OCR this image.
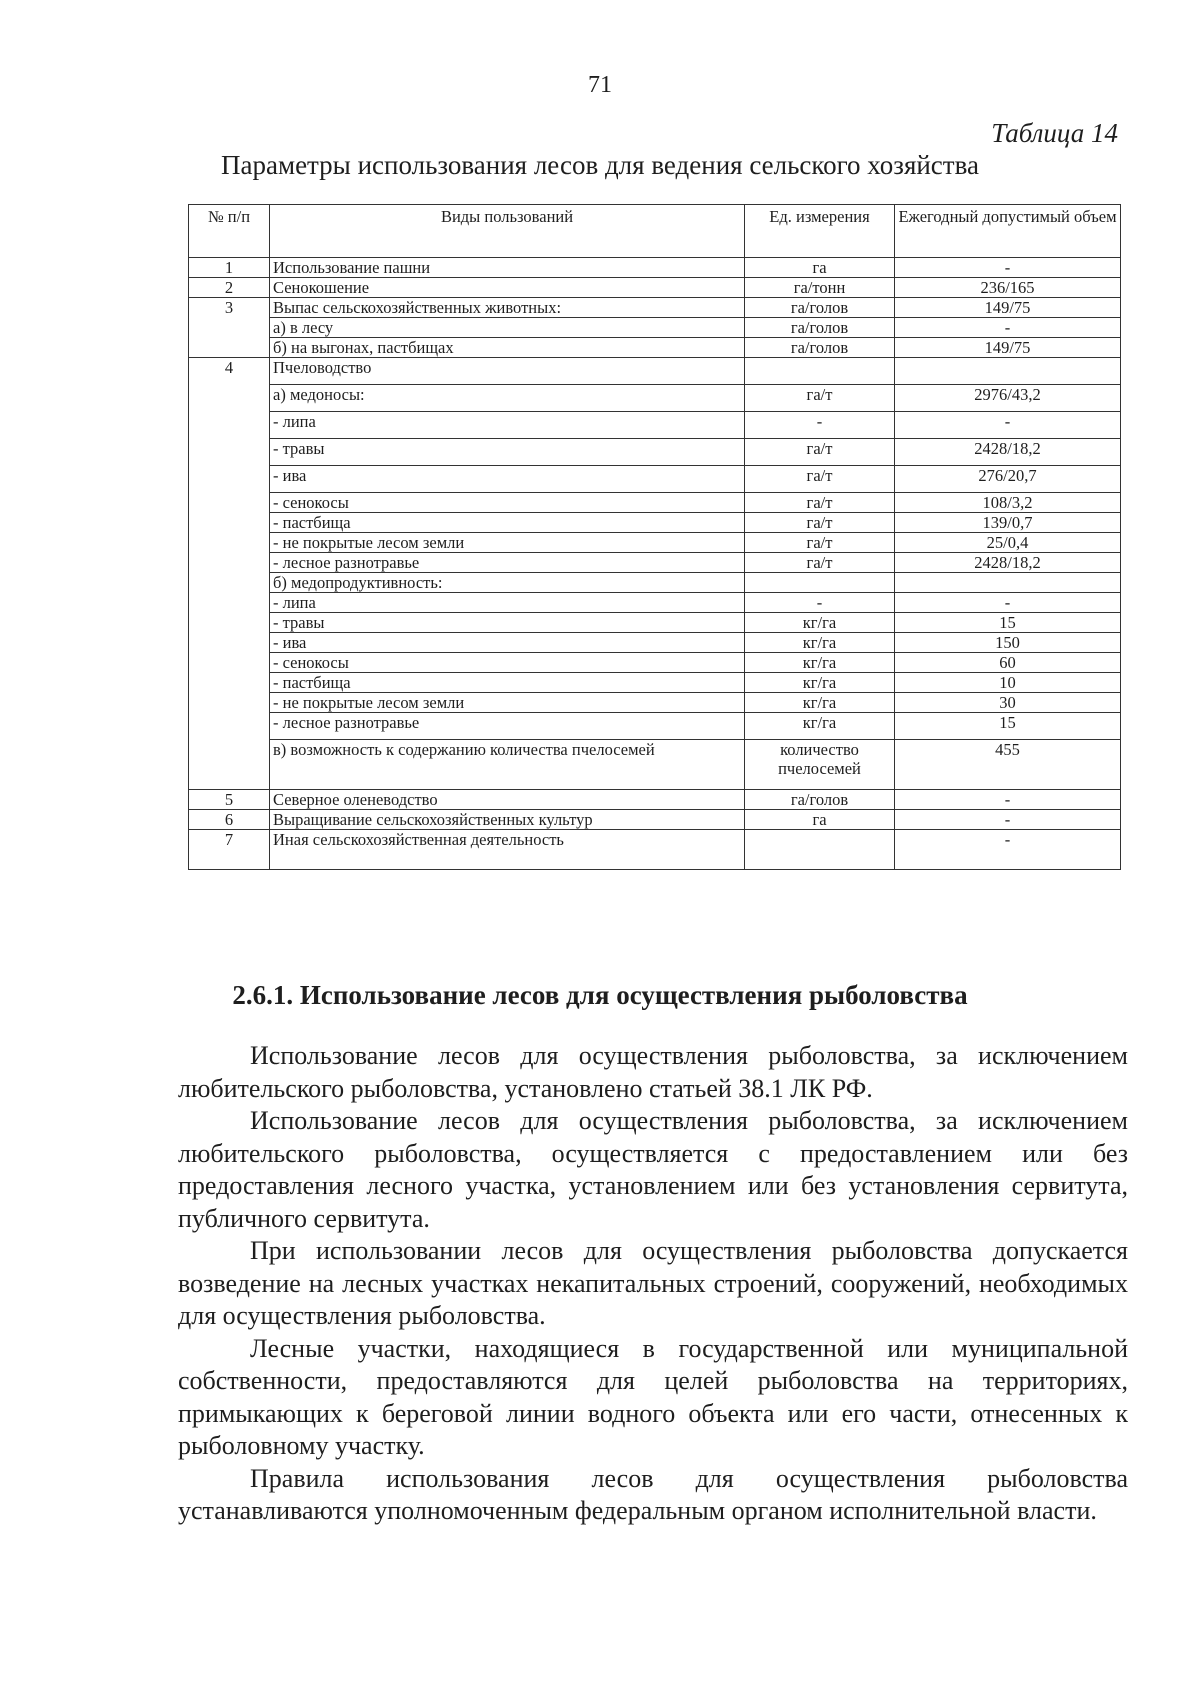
71
Таблица 14
Параметры использования лесов для ведения сельского хозяйства
№ п/п	Виды пользований	Ед. измерения	Ежегодный допустимый объем
1	Использование пашни	га	-
2	Сенокошение	га/тонн	236/165
3	Выпас сельскохозяйственных животных:	га/голов	149/75
	а) в лесу	га/голов	-
	б) на выгонах, пастбищах	га/голов	149/75
4	Пчеловодство		
	а) медоносы:	га/т	2976/43,2
	- липа	-	-
	- травы	га/т	2428/18,2
	- ива	га/т	276/20,7
	- сенокосы	га/т	108/3,2
	- пастбища	га/т	139/0,7
	- не покрытые лесом земли	га/т	25/0,4
	- лесное разнотравье	га/т	2428/18,2
	б) медопродуктивность:		
	- липа	-	-
	- травы	кг/га	15
	- ива	кг/га	150
	- сенокосы	кг/га	60
	- пастбища	кг/га	10
	- не покрытые лесом земли	кг/га	30
	- лесное разнотравье	кг/га	15
	в) возможность к содержанию количества пчелосемей	количество пчелосемей	455
5	Северное оленеводство	га/голов	-
6	Выращивание сельскохозяйственных культур	га	-
7	Иная сельскохозяйственная деятельность		-
2.6.1. Использование лесов для осуществления рыболовства

Использование лесов для осуществления рыболовства, за исключением любительского рыболовства, установлено статьей 38.1 ЛК РФ.

Использование лесов для осуществления рыболовства, за исключением любительского рыболовства, осуществляется с предоставлением или без предоставления лесного участка, установлением или без установления сервитута, публичного сервитута.

При использовании лесов для осуществления рыболовства допускается возведение на лесных участках некапитальных строений, сооружений, необходимых для осуществления рыболовства.

Лесные участки, находящиеся в государственной или муниципальной собственности, предоставляются для целей рыболовства на территориях, примыкающих к береговой линии водного объекта или его части, отнесенных к рыболовному участку.

Правила использования лесов для осуществления рыболовства устанавливаются уполномоченным федеральным органом исполнительной власти.
